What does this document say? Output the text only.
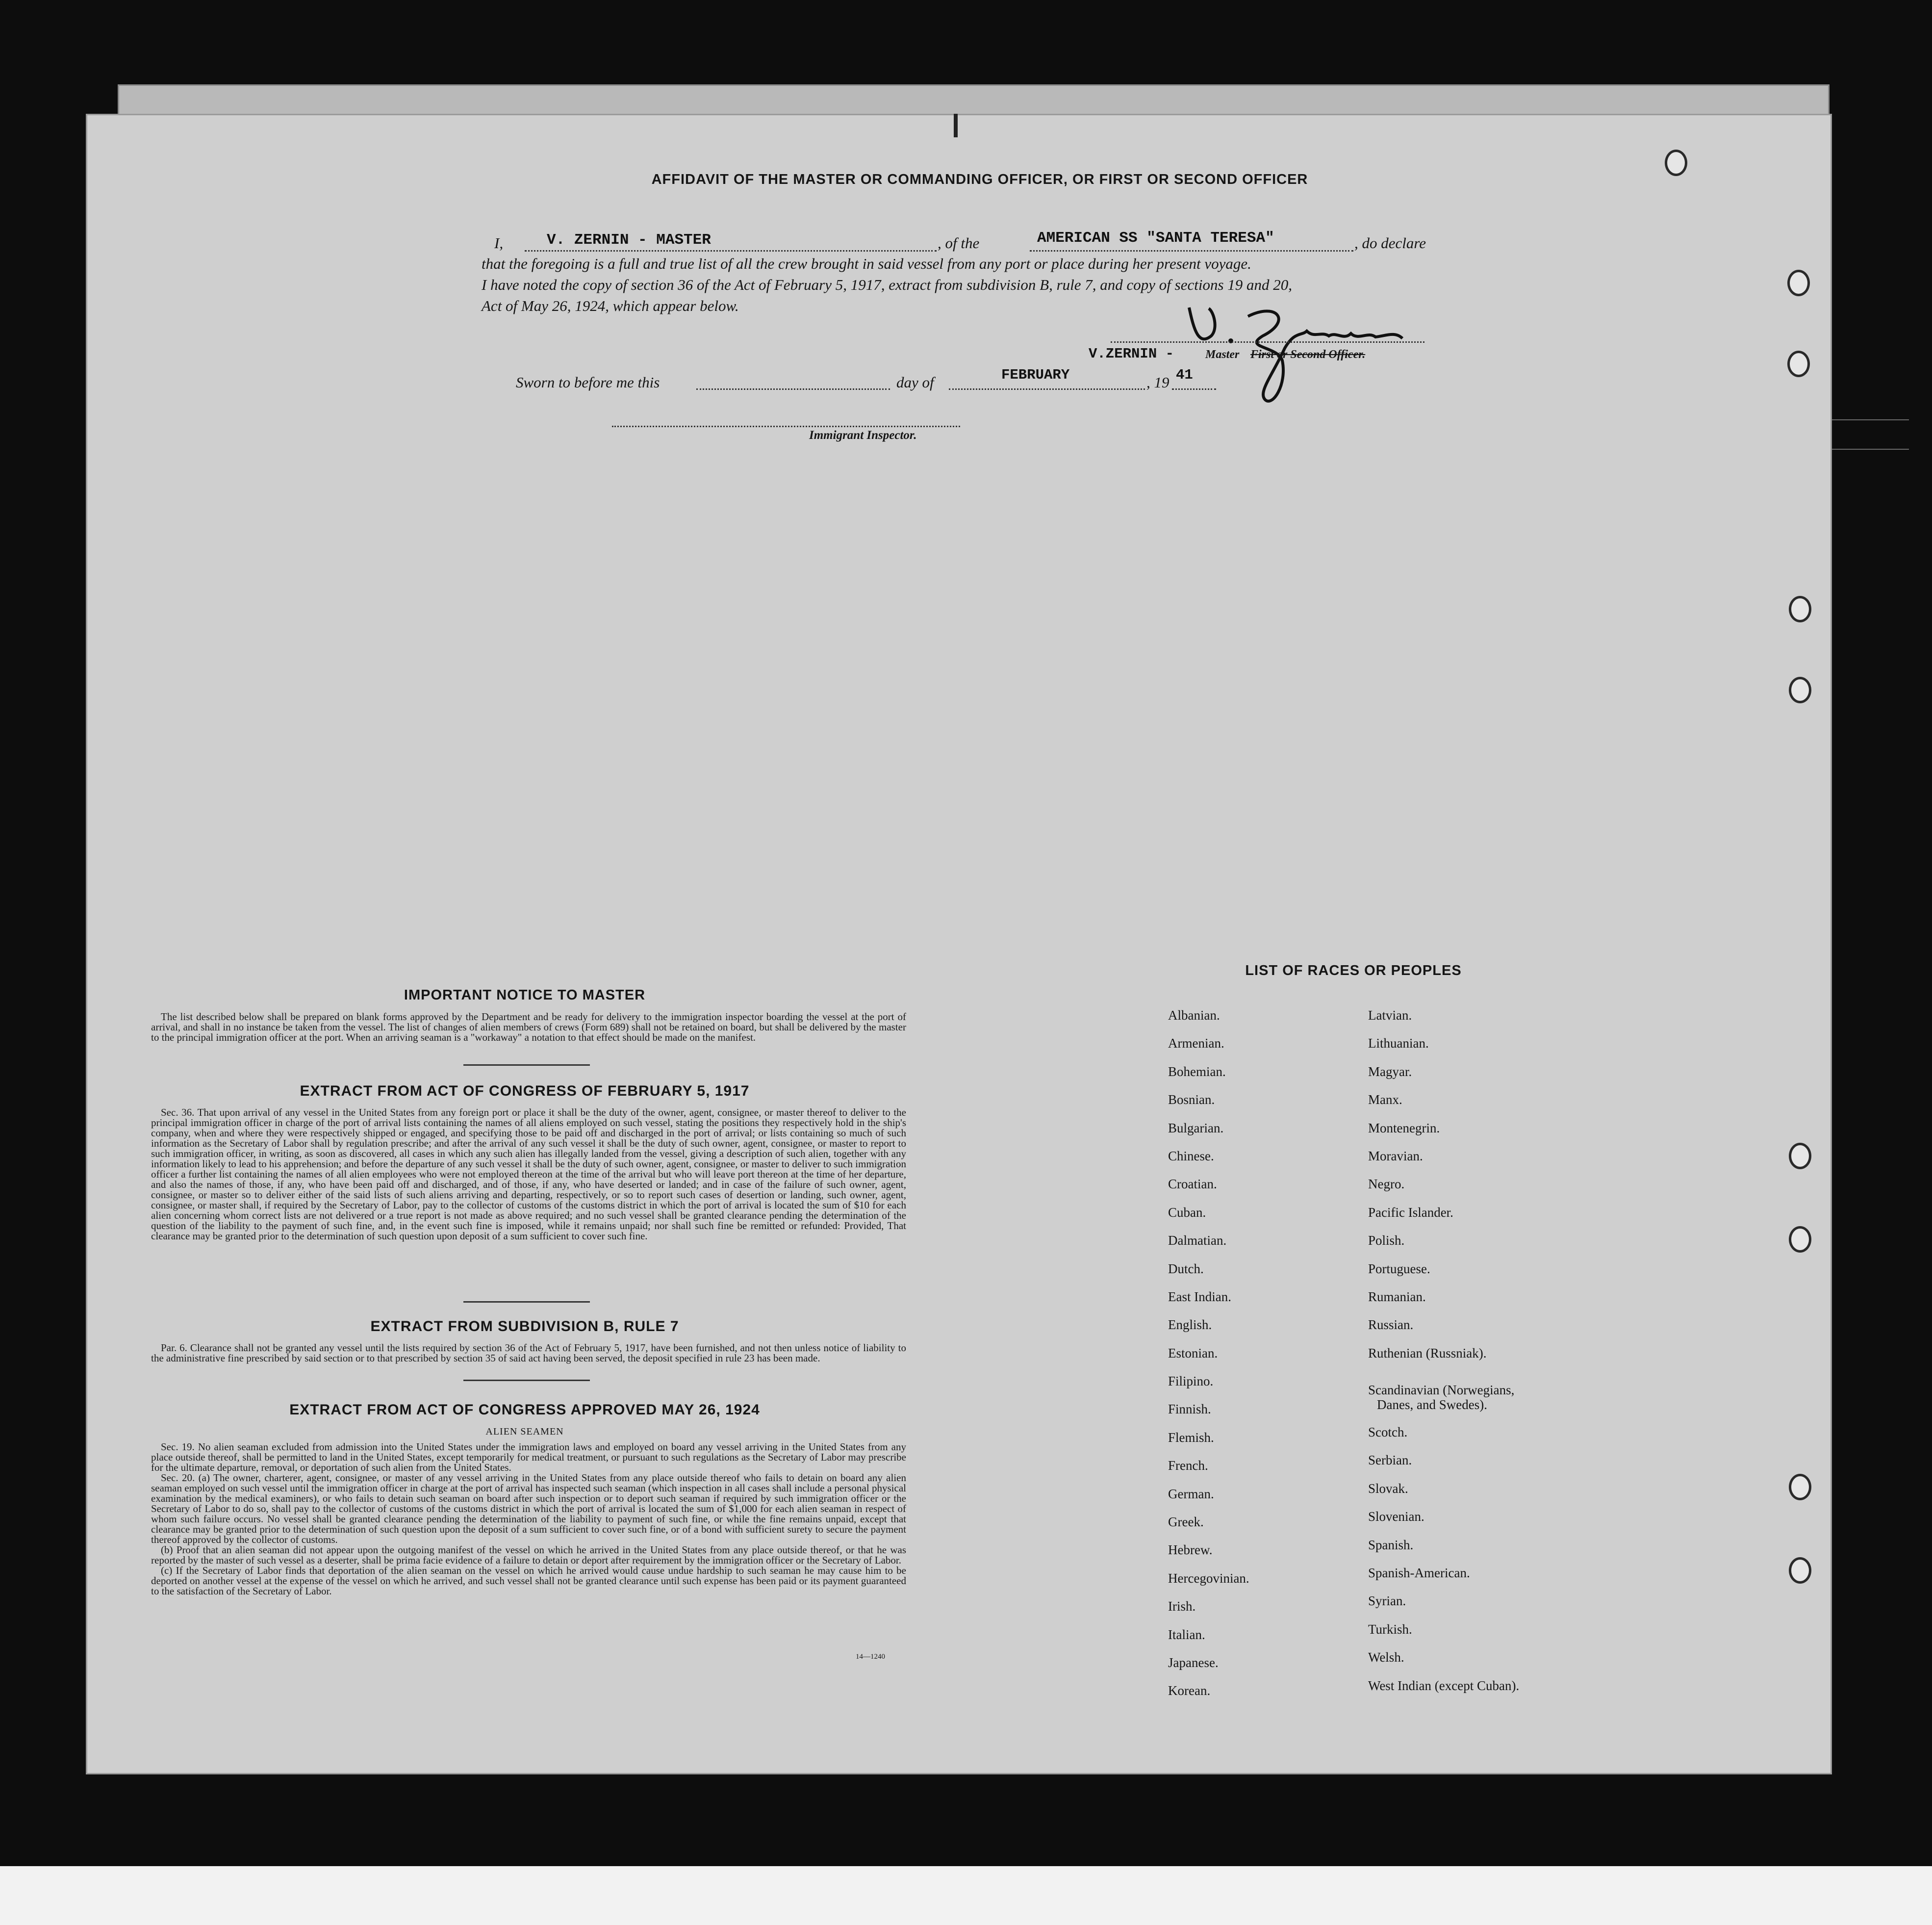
AFFIDAVIT OF THE MASTER OR COMMANDING OFFICER, OR FIRST OR SECOND OFFICER
I,	V. ZERNIN - MASTER	, of the	AMERICAN SS "SANTA TERESA"	, do declare
that the foregoing is a full and true list of all the crew brought in said vessel from any port or place during her present voyage.
I have noted the copy of section 36 of the Act of February 5, 1917, extract from subdivision B, rule 7, and copy of sections 19 and 20,
Act of May 26, 1924, which appear below.
V.ZERNIN -	Master First or Second Officer.
Sworn to before me this	day of	FEBRUARY	, 19 41
Immigrant Inspector.
IMPORTANT NOTICE TO MASTER

The list described below shall be prepared on blank forms approved by the Department and be ready for delivery to the immigration inspector boarding the vessel at the port of arrival, and shall in no instance be taken from the vessel. The list of changes of alien members of crews (Form 689) shall not be retained on board, but shall be delivered by the master to the principal immigration officer at the port. When an arriving seaman is a "workaway" a notation to that effect should be made on the manifest.

EXTRACT FROM ACT OF CONGRESS OF FEBRUARY 5, 1917

Sec. 36. That upon arrival of any vessel in the United States from any foreign port or place it shall be the duty of the owner, agent, consignee, or master thereof to deliver to the principal immigration officer in charge of the port of arrival lists containing the names of all aliens employed on such vessel, stating the positions they respectively hold in the ship's company, when and where they were respectively shipped or engaged, and specifying those to be paid off and discharged in the port of arrival; or lists containing so much of such information as the Secretary of Labor shall by regulation prescribe; and after the arrival of any such vessel it shall be the duty of such owner, agent, consignee, or master to report to such immigration officer, in writing, as soon as discovered, all cases in which any such alien has illegally landed from the vessel, giving a description of such alien, together with any information likely to lead to his apprehension; and before the departure of any such vessel it shall be the duty of such owner, agent, consignee, or master to deliver to such immigration officer a further list containing the names of all alien employees who were not employed thereon at the time of the arrival but who will leave port thereon at the time of her departure, and also the names of those, if any, who have been paid off and discharged, and of those, if any, who have deserted or landed; and in case of the failure of such owner, agent, consignee, or master so to deliver either of the said lists of such aliens arriving and departing, respectively, or so to report such cases of desertion or landing, such owner, agent, consignee, or master shall, if required by the Secretary of Labor, pay to the collector of customs of the customs district in which the port of arrival is located the sum of $10 for each alien concerning whom correct lists are not delivered or a true report is not made as above required; and no such vessel shall be granted clearance pending the determination of the question of the liability to the payment of such fine, and, in the event such fine is imposed, while it remains unpaid; nor shall such fine be remitted or refunded: Provided, That clearance may be granted prior to the determination of such question upon deposit of a sum sufficient to cover such fine.

EXTRACT FROM SUBDIVISION B, RULE 7

Par. 6. Clearance shall not be granted any vessel until the lists required by section 36 of the Act of February 5, 1917, have been furnished, and not then unless notice of liability to the administrative fine prescribed by said section or to that prescribed by section 35 of said act having been served, the deposit specified in rule 23 has been made.

EXTRACT FROM ACT OF CONGRESS APPROVED MAY 26, 1924
ALIEN SEAMEN

Sec. 19. No alien seaman excluded from admission into the United States under the immigration laws and employed on board any vessel arriving in the United States from any place outside thereof, shall be permitted to land in the United States, except temporarily for medical treatment, or pursuant to such regulations as the Secretary of Labor may prescribe for the ultimate departure, removal, or deportation of such alien from the United States.

Sec. 20. (a) The owner, charterer, agent, consignee, or master of any vessel arriving in the United States from any place outside thereof who fails to detain on board any alien seaman employed on such vessel until the immigration officer in charge at the port of arrival has inspected such seaman (which inspection in all cases shall include a personal physical examination by the medical examiners), or who fails to detain such seaman on board after such inspection or to deport such seaman if required by such immigration officer or the Secretary of Labor to do so, shall pay to the collector of customs of the customs district in which the port of arrival is located the sum of $1,000 for each alien seaman in respect of whom such failure occurs. No vessel shall be granted clearance pending the determination of the liability to payment of such fine, or while the fine remains unpaid, except that clearance may be granted prior to the determination of such question upon the deposit of a sum sufficient to cover such fine, or of a bond with sufficient surety to secure the payment thereof approved by the collector of customs.

(b) Proof that an alien seaman did not appear upon the outgoing manifest of the vessel on which he arrived in the United States from any place outside thereof, or that he was reported by the master of such vessel as a deserter, shall be prima facie evidence of a failure to detain or deport after requirement by the immigration officer or the Secretary of Labor.

(c) If the Secretary of Labor finds that deportation of the alien seaman on the vessel on which he arrived would cause undue hardship to such seaman he may cause him to be deported on another vessel at the expense of the vessel on which he arrived, and such vessel shall not be granted clearance until such expense has been paid or its payment guaranteed to the satisfaction of the Secretary of Labor.

14—1240
LIST OF RACES OR PEOPLES
Albanian.
Armenian.
Bohemian.
Bosnian.
Bulgarian.
Chinese.
Croatian.
Cuban.
Dalmatian.
Dutch.
East Indian.
English.
Estonian.
Filipino.
Finnish.
Flemish.
French.
German.
Greek.
Hebrew.
Hercegovinian.
Irish.
Italian.
Japanese.
Korean.
Latvian.
Lithuanian.
Magyar.
Manx.
Montenegrin.
Moravian.
Negro.
Pacific Islander.
Polish.
Portuguese.
Rumanian.
Russian.
Ruthenian (Russniak).
Scandinavian (Norwegians,
Danes, and Swedes).
Scotch.
Serbian.
Slovak.
Slovenian.
Spanish.
Spanish-American.
Syrian.
Turkish.
Welsh.
West Indian (except Cuban).
